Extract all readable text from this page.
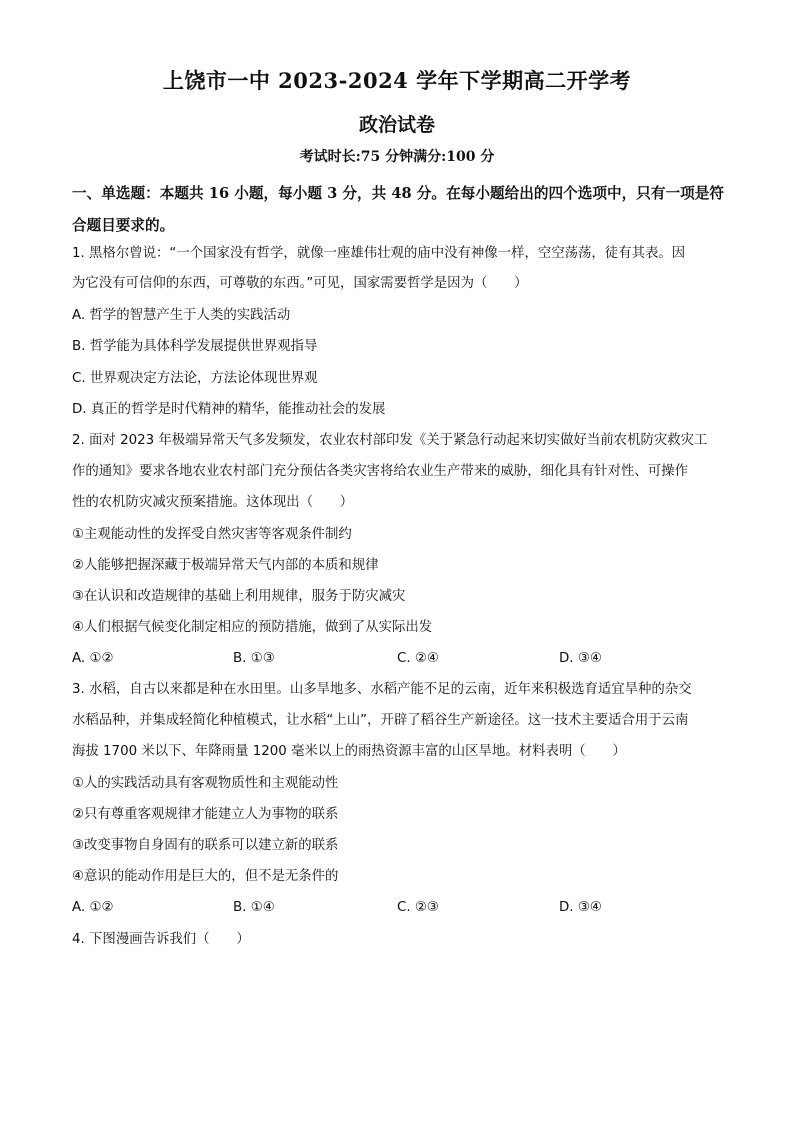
上饶市一中 2023-2024 学年下学期高二开学考
政治试卷
考试时长:75 分钟满分:100 分
一、单选题：本题共 16 小题，每小题 3 分，共 48 分。在每小题给出的四个选项中，只有一项是符合题目要求的。
1. 黑格尔曾说：“一个国家没有哲学，就像一座雄伟壮观的庙中没有神像一样，空空荡荡，徒有其表。因
为它没有可信仰的东西，可尊敬的东西。”可见，国家需要哲学是因为（　　）
A. 哲学的智慧产生于人类的实践活动
B. 哲学能为具体科学发展提供世界观指导
C. 世界观决定方法论，方法论体现世界观
D. 真正的哲学是时代精神的精华，能推动社会的发展
2. 面对 2023 年极端异常天气多发频发，农业农村部印发《关于紧急行动起来切实做好当前农机防灾救灾工
作的通知》要求各地农业农村部门充分预估各类灾害将给农业生产带来的威胁，细化具有针对性、可操作
性的农机防灾减灾预案措施。这体现出（　　）
①主观能动性的发挥受自然灾害等客观条件制约
②人能够把握深藏于极端异常天气内部的本质和规律
③在认识和改造规律的基础上利用规律，服务于防灾减灾
④人们根据气候变化制定相应的预防措施，做到了从实际出发
A. ①②	B. ①③	C. ②④	D. ③④
3. 水稻，自古以来都是种在水田里。山多旱地多、水稻产能不足的云南，近年来积极选育适宜旱种的杂交
水稻品种，并集成轻简化种植模式，让水稻“上山”，开辟了稻谷生产新途径。这一技术主要适合用于云南
海拔 1700 米以下、年降雨量 1200 毫米以上的雨热资源丰富的山区旱地。材料表明（　　）
①人的实践活动具有客观物质性和主观能动性
②只有尊重客观规律才能建立人为事物的联系
③改变事物自身固有的联系可以建立新的联系
④意识的能动作用是巨大的，但不是无条件的
A. ①②	B. ①④	C. ②③	D. ③④
4. 下图漫画告诉我们（　　）
